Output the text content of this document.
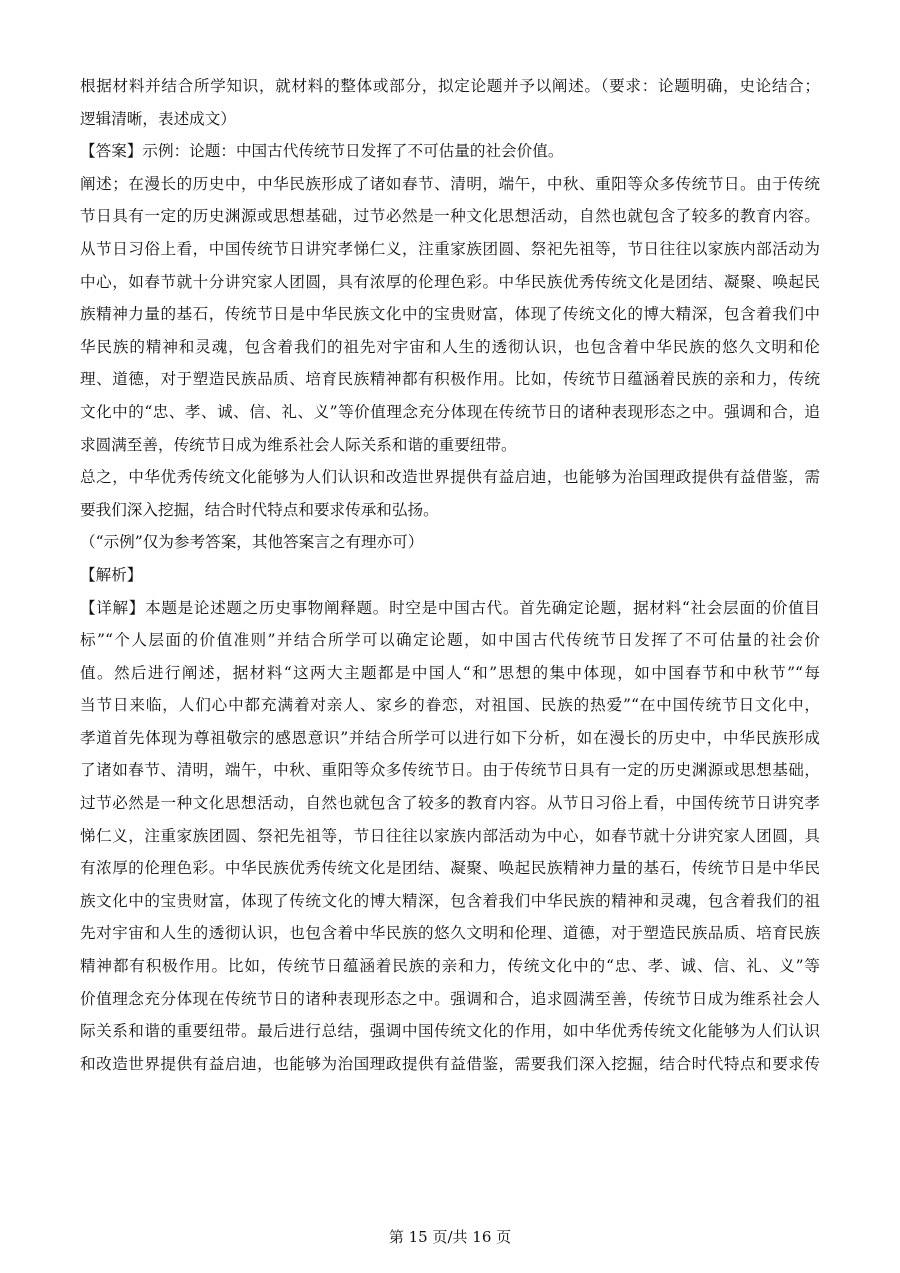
根据材料并结合所学知识，就材料的整体或部分，拟定论题并予以阐述。（要求：论题明确，史论结合；
逻辑清晰，表述成文）
【答案】示例：论题：中国古代传统节日发挥了不可估量的社会价值。
阐述；在漫长的历史中，中华民族形成了诸如春节、清明，端午，中秋、重阳等众多传统节日。由于传统
节日具有一定的历史渊源或思想基础，过节必然是一种文化思想活动，自然也就包含了较多的教育内容。
从节日习俗上看，中国传统节日讲究孝悌仁义，注重家族团圆、祭祀先祖等，节日往往以家族内部活动为
中心，如春节就十分讲究家人团圆，具有浓厚的伦理色彩。中华民族优秀传统文化是团结、凝聚、唤起民
族精神力量的基石，传统节日是中华民族文化中的宝贵财富，体现了传统文化的博大精深，包含着我们中
华民族的精神和灵魂，包含着我们的祖先对宇宙和人生的透彻认识，也包含着中华民族的悠久文明和伦
理、道德，对于塑造民族品质、培育民族精神都有积极作用。比如，传统节日蕴涵着民族的亲和力，传统
文化中的“忠、孝、诚、信、礼、义”等价值理念充分体现在传统节日的诸种表现形态之中。强调和合，追
求圆满至善，传统节日成为维系社会人际关系和谐的重要纽带。
总之，中华优秀传统文化能够为人们认识和改造世界提供有益启迪，也能够为治国理政提供有益借鉴，需
要我们深入挖掘，结合时代特点和要求传承和弘扬。
（“示例”仅为参考答案，其他答案言之有理亦可）
【解析】
【详解】本题是论述题之历史事物阐释题。时空是中国古代。首先确定论题，据材料“社会层面的价值目
标”“个人层面的价值准则”并结合所学可以确定论题，如中国古代传统节日发挥了不可估量的社会价
值。然后进行阐述，据材料“这两大主题都是中国人“和”思想的集中体现，如中国春节和中秋节”“每
当节日来临，人们心中都充满着对亲人、家乡的眷恋，对祖国、民族的热爱”“在中国传统节日文化中，
孝道首先体现为尊祖敬宗的感恩意识”并结合所学可以进行如下分析，如在漫长的历史中，中华民族形成
了诸如春节、清明，端午，中秋、重阳等众多传统节日。由于传统节日具有一定的历史渊源或思想基础，
过节必然是一种文化思想活动，自然也就包含了较多的教育内容。从节日习俗上看，中国传统节日讲究孝
悌仁义，注重家族团圆、祭祀先祖等，节日往往以家族内部活动为中心，如春节就十分讲究家人团圆，具
有浓厚的伦理色彩。中华民族优秀传统文化是团结、凝聚、唤起民族精神力量的基石，传统节日是中华民
族文化中的宝贵财富，体现了传统文化的博大精深，包含着我们中华民族的精神和灵魂，包含着我们的祖
先对宇宙和人生的透彻认识，也包含着中华民族的悠久文明和伦理、道德，对于塑造民族品质、培育民族
精神都有积极作用。比如，传统节日蕴涵着民族的亲和力，传统文化中的“忠、孝、诚、信、礼、义”等
价值理念充分体现在传统节日的诸种表现形态之中。强调和合，追求圆满至善，传统节日成为维系社会人
际关系和谐的重要纽带。最后进行总结，强调中国传统文化的作用，如中华优秀传统文化能够为人们认识
和改造世界提供有益启迪，也能够为治国理政提供有益借鉴，需要我们深入挖掘，结合时代特点和要求传
第 15 页/共 16 页
